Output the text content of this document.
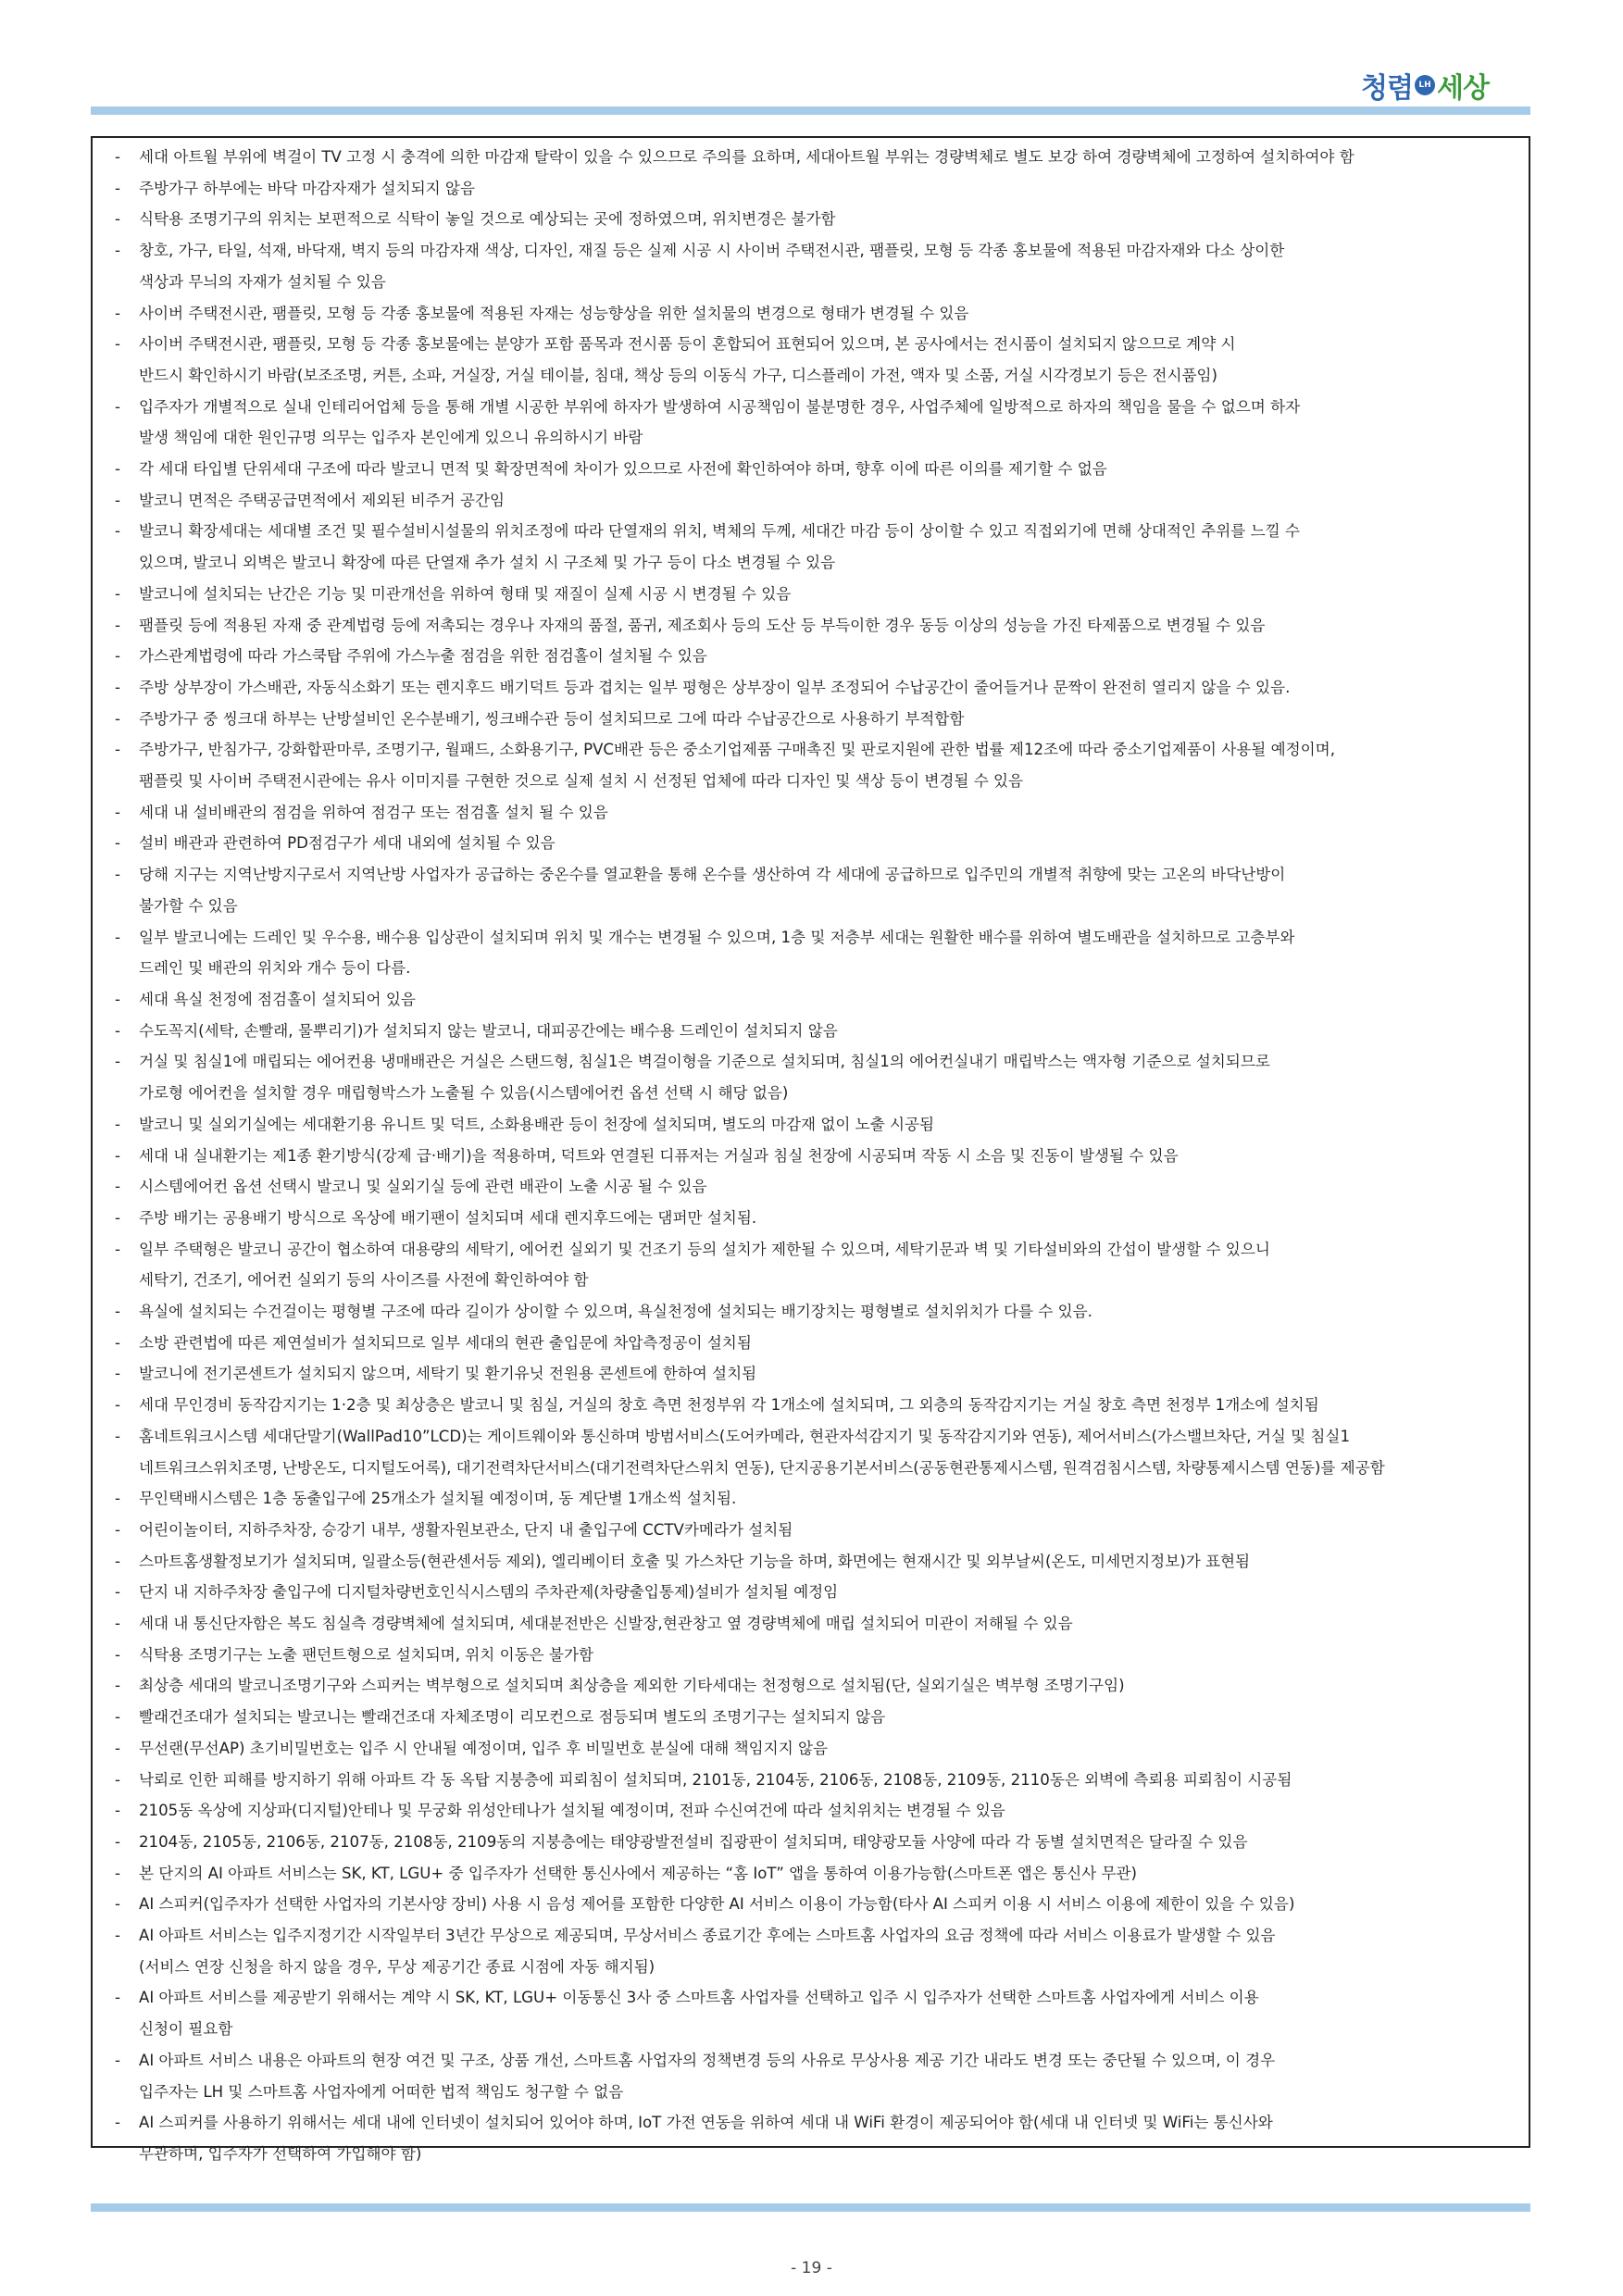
청렴 LH 세상
- 세대 아트월 부위에 벽걸이 TV 고정 시 충격에 의한 마감재 탈락이 있을 수 있으므로 주의를 요하며, 세대아트월 부위는 경량벽체로 별도 보강 하여 경량벽체에 고정하여 설치하여야 함
- 주방가구 하부에는 바닥 마감자재가 설치되지 않음
- 식탁용 조명기구의 위치는 보편적으로 식탁이 놓일 것으로 예상되는 곳에 정하였으며, 위치변경은 불가함
- 창호, 가구, 타일, 석재, 바닥재, 벽지 등의 마감자재 색상, 디자인, 재질 등은 실제 시공 시 사이버 주택전시관, 팸플릿, 모형 등 각종 홍보물에 적용된 마감자재와 다소 상이한
색상과 무늬의 자재가 설치될 수 있음
- 사이버 주택전시관, 팸플릿, 모형 등 각종 홍보물에 적용된 자재는 성능향상을 위한 설치물의 변경으로 형태가 변경될 수 있음
- 사이버 주택전시관, 팸플릿, 모형 등 각종 홍보물에는 분양가 포함 품목과 전시품 등이 혼합되어 표현되어 있으며, 본 공사에서는 전시품이 설치되지 않으므로 계약 시
반드시 확인하시기 바람(보조조명, 커튼, 소파, 거실장, 거실 테이블, 침대, 책상 등의 이동식 가구, 디스플레이 가전, 액자 및 소품, 거실 시각경보기 등은 전시품임)
- 입주자가 개별적으로 실내 인테리어업체 등을 통해 개별 시공한 부위에 하자가 발생하여 시공책임이 불분명한 경우, 사업주체에 일방적으로 하자의 책임을 물을 수 없으며 하자
발생 책임에 대한 원인규명 의무는 입주자 본인에게 있으니 유의하시기 바람
- 각 세대 타입별 단위세대 구조에 따라 발코니 면적 및 확장면적에 차이가 있으므로 사전에 확인하여야 하며, 향후 이에 따른 이의를 제기할 수 없음
- 발코니 면적은 주택공급면적에서 제외된 비주거 공간임
- 발코니 확장세대는 세대별 조건 및 필수설비시설물의 위치조정에 따라 단열재의 위치, 벽체의 두께, 세대간 마감 등이 상이할 수 있고 직접외기에 면해 상대적인 추위를 느낄 수
있으며, 발코니 외벽은 발코니 확장에 따른 단열재 추가 설치 시 구조체 및 가구 등이 다소 변경될 수 있음
- 발코니에 설치되는 난간은 기능 및 미관개선을 위하여 형태 및 재질이 실제 시공 시 변경될 수 있음
- 팸플릿 등에 적용된 자재 중 관계법령 등에 저촉되는 경우나 자재의 품절, 품귀, 제조회사 등의 도산 등 부득이한 경우 동등 이상의 성능을 가진 타제품으로 변경될 수 있음
- 가스관계법령에 따라 가스쿡탑 주위에 가스누출 점검을 위한 점검홀이 설치될 수 있음
- 주방 상부장이 가스배관, 자동식소화기 또는 렌지후드 배기덕트 등과 겹치는 일부 평형은 상부장이 일부 조정되어 수납공간이 줄어들거나 문짝이 완전히 열리지 않을 수 있음.
- 주방가구 중 씽크대 하부는 난방설비인 온수분배기, 씽크배수관 등이 설치되므로 그에 따라 수납공간으로 사용하기 부적합함
- 주방가구, 반침가구, 강화합판마루, 조명기구, 월패드, 소화용기구, PVC배관 등은 중소기업제품 구매촉진 및 판로지원에 관한 법률 제12조에 따라 중소기업제품이 사용될 예정이며,
팸플릿 및 사이버 주택전시관에는 유사 이미지를 구현한 것으로 실제 설치 시 선정된 업체에 따라 디자인 및 색상 등이 변경될 수 있음
- 세대 내 설비배관의 점검을 위하여 점검구 또는 점검홀 설치 될 수 있음
- 설비 배관과 관련하여 PD점검구가 세대 내외에 설치될 수 있음
- 당해 지구는 지역난방지구로서 지역난방 사업자가 공급하는 중온수를 열교환을 통해 온수를 생산하여 각 세대에 공급하므로 입주민의 개별적 취향에 맞는 고온의 바닥난방이
불가할 수 있음
- 일부 발코니에는 드레인 및 우수용, 배수용 입상관이 설치되며 위치 및 개수는 변경될 수 있으며, 1층 및 저층부 세대는 원활한 배수를 위하여 별도배관을 설치하므로 고층부와
드레인 및 배관의 위치와 개수 등이 다름.
- 세대 욕실 천정에 점검홀이 설치되어 있음
- 수도꼭지(세탁, 손빨래, 물뿌리기)가 설치되지 않는 발코니, 대피공간에는 배수용 드레인이 설치되지 않음
- 거실 및 침실1에 매립되는 에어컨용 냉매배관은 거실은 스탠드형, 침실1은 벽걸이형을 기준으로 설치되며, 침실1의 에어컨실내기 매립박스는 액자형 기준으로 설치되므로
가로형 에어컨을 설치할 경우 매립형박스가 노출될 수 있음(시스템에어컨 옵션 선택 시 해당 없음)
- 발코니 및 실외기실에는 세대환기용 유니트 및 덕트, 소화용배관 등이 천장에 설치되며, 별도의 마감재 없이 노출 시공됨
- 세대 내 실내환기는 제1종 환기방식(강제 급·배기)을 적용하며, 덕트와 연결된 디퓨저는 거실과 침실 천장에 시공되며 작동 시 소음 및 진동이 발생될 수 있음
- 시스템에어컨 옵션 선택시 발코니 및 실외기실 등에 관련 배관이 노출 시공 될 수 있음
- 주방 배기는 공용배기 방식으로 옥상에 배기팬이 설치되며 세대 렌지후드에는 댐퍼만 설치됨.
- 일부 주택형은 발코니 공간이 협소하여 대용량의 세탁기, 에어컨 실외기 및 건조기 등의 설치가 제한될 수 있으며, 세탁기문과 벽 및 기타설비와의 간섭이 발생할 수 있으니
세탁기, 건조기, 에어컨 실외기 등의 사이즈를 사전에 확인하여야 함
- 욕실에 설치되는 수건걸이는 평형별 구조에 따라 길이가 상이할 수 있으며, 욕실천정에 설치되는 배기장치는 평형별로 설치위치가 다를 수 있음.
- 소방 관련법에 따른 제연설비가 설치되므로 일부 세대의 현관 출입문에 차압측정공이 설치됨
- 발코니에 전기콘센트가 설치되지 않으며, 세탁기 및 환기유닛 전원용 콘센트에 한하여 설치됨
- 세대 무인경비 동작감지기는 1·2층 및 최상층은 발코니 및 침실, 거실의 창호 측면 천정부위 각 1개소에 설치되며, 그 외층의 동작감지기는 거실 창호 측면 천정부 1개소에 설치됨
- 홈네트워크시스템 세대단말기(WallPad10”LCD)는 게이트웨이와 통신하며 방범서비스(도어카메라, 현관자석감지기 및 동작감지기와 연동), 제어서비스(가스밸브차단, 거실 및 침실1
네트워크스위치조명, 난방온도, 디지털도어록), 대기전력차단서비스(대기전력차단스위치 연동), 단지공용기본서비스(공동현관통제시스템, 원격검침시스템, 차량통제시스템 연동)를 제공함
- 무인택배시스템은 1층 동출입구에 25개소가 설치될 예정이며, 동 계단별 1개소씩 설치됨.
- 어린이놀이터, 지하주차장, 승강기 내부, 생활자원보관소, 단지 내 출입구에 CCTV카메라가 설치됨
- 스마트홈생활정보기가 설치되며, 일괄소등(현관센서등 제외), 엘리베이터 호출 및 가스차단 기능을 하며, 화면에는 현재시간 및 외부날씨(온도, 미세먼지정보)가 표현됨
- 단지 내 지하주차장 출입구에 디지털차량번호인식시스템의 주차관제(차량출입통제)설비가 설치될 예정임
- 세대 내 통신단자함은 복도 침실측 경량벽체에 설치되며, 세대분전반은 신발장,현관창고 옆 경량벽체에 매립 설치되어 미관이 저해될 수 있음
- 식탁용 조명기구는 노출 팬던트형으로 설치되며, 위치 이동은 불가함
- 최상층 세대의 발코니조명기구와 스피커는 벽부형으로 설치되며 최상층을 제외한 기타세대는 천정형으로 설치됨(단, 실외기실은 벽부형 조명기구임)
- 빨래건조대가 설치되는 발코니는 빨래건조대 자체조명이 리모컨으로 점등되며 별도의 조명기구는 설치되지 않음
- 무선랜(무선AP) 초기비밀번호는 입주 시 안내될 예정이며, 입주 후 비밀번호 분실에 대해 책임지지 않음
- 낙뢰로 인한 피해를 방지하기 위해 아파트 각 동 옥탑 지붕층에 피뢰침이 설치되며, 2101동, 2104동, 2106동, 2108동, 2109동, 2110동은 외벽에 측뢰용 피뢰침이 시공됨
- 2105동 옥상에 지상파(디지털)안테나 및 무궁화 위성안테나가 설치될 예정이며, 전파 수신여건에 따라 설치위치는 변경될 수 있음
- 2104동, 2105동, 2106동, 2107동, 2108동, 2109동의 지붕층에는 태양광발전설비 집광판이 설치되며, 태양광모듈 사양에 따라 각 동별 설치면적은 달라질 수 있음
- 본 단지의 AI 아파트 서비스는 SK, KT, LGU+ 중 입주자가 선택한 통신사에서 제공하는 “홈 IoT” 앱을 통하여 이용가능함(스마트폰 앱은 통신사 무관)
- AI 스피커(입주자가 선택한 사업자의 기본사양 장비) 사용 시 음성 제어를 포함한 다양한 AI 서비스 이용이 가능함(타사 AI 스피커 이용 시 서비스 이용에 제한이 있을 수 있음)
- AI 아파트 서비스는 입주지정기간 시작일부터 3년간 무상으로 제공되며, 무상서비스 종료기간 후에는 스마트홈 사업자의 요금 정책에 따라 서비스 이용료가 발생할 수 있음
(서비스 연장 신청을 하지 않을 경우, 무상 제공기간 종료 시점에 자동 해지됨)
- AI 아파트 서비스를 제공받기 위해서는 계약 시 SK, KT, LGU+ 이동통신 3사 중 스마트홈 사업자를 선택하고 입주 시 입주자가 선택한 스마트홈 사업자에게 서비스 이용
신청이 필요함
- AI 아파트 서비스 내용은 아파트의 현장 여건 및 구조, 상품 개선, 스마트홈 사업자의 정책변경 등의 사유로 무상사용 제공 기간 내라도 변경 또는 중단될 수 있으며, 이 경우
입주자는 LH 및 스마트홈 사업자에게 어떠한 법적 책임도 청구할 수 없음
- AI 스피커를 사용하기 위해서는 세대 내에 인터넷이 설치되어 있어야 하며, IoT 가전 연동을 위하여 세대 내 WiFi 환경이 제공되어야 함(세대 내 인터넷 및 WiFi는 통신사와
무관하며, 입주자가 선택하여 가입해야 함)
- 19 -
